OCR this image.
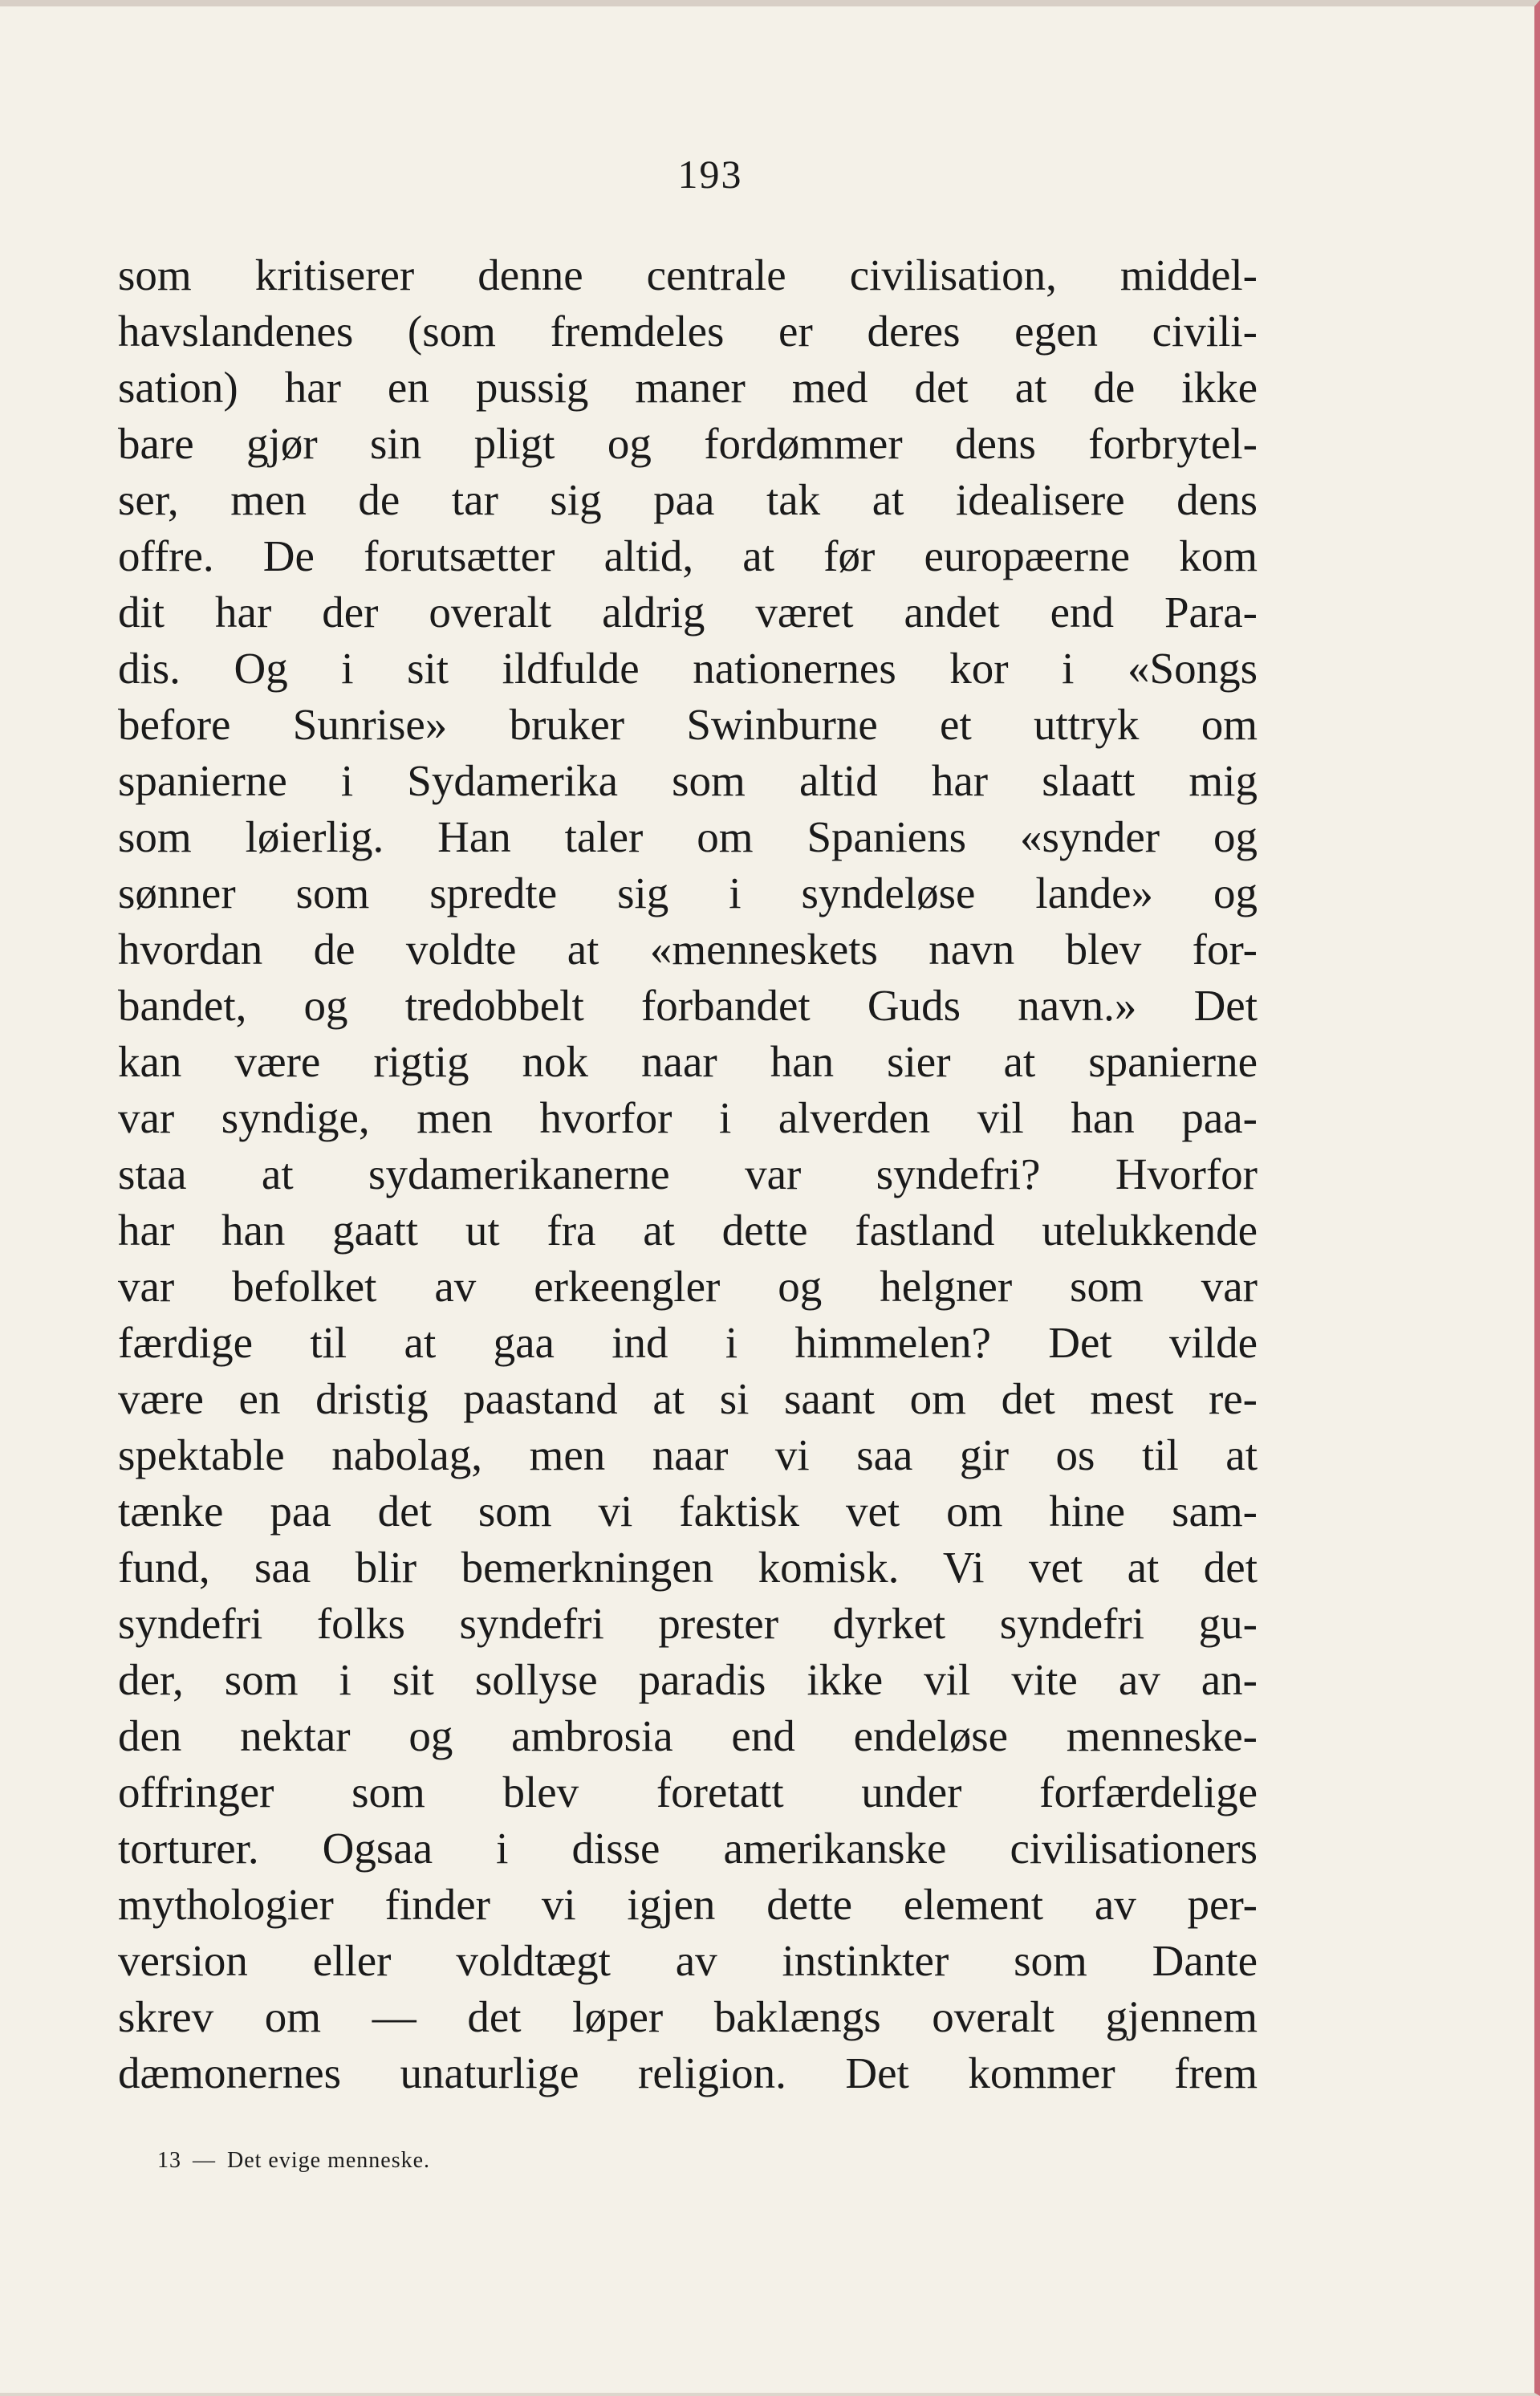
193
som kritiserer denne centrale civilisation, middel-
havslandenes (som fremdeles er deres egen civili-
sation) har en pussig maner med det at de ikke
bare gjør sin pligt og fordømmer dens forbrytel-
ser, men de tar sig paa tak at idealisere dens
offre. De forutsætter altid, at før europæerne kom
dit har der overalt aldrig været andet end Para-
dis. Og i sit ildfulde nationernes kor i «Songs
before Sunrise» bruker Swinburne et uttryk om
spanierne i Sydamerika som altid har slaatt mig
som løierlig. Han taler om Spaniens «synder og
sønner som spredte sig i syndeløse lande» og
hvordan de voldte at «menneskets navn blev for-
bandet, og tredobbelt forbandet Guds navn.» Det
kan være rigtig nok naar han sier at spanierne
var syndige, men hvorfor i alverden vil han paa-
staa at sydamerikanerne var syndefri? Hvorfor
har han gaatt ut fra at dette fastland utelukkende
var befolket av erkeengler og helgner som var
færdige til at gaa ind i himmelen? Det vilde
være en dristig paastand at si saant om det mest re-
spektable nabolag, men naar vi saa gir os til at
tænke paa det som vi faktisk vet om hine sam-
fund, saa blir bemerkningen komisk. Vi vet at det
syndefri folks syndefri prester dyrket syndefri gu-
der, som i sit sollyse paradis ikke vil vite av an-
den nektar og ambrosia end endeløse menneske-
offringer som blev foretatt under forfærdelige
torturer. Ogsaa i disse amerikanske civilisationers
mythologier finder vi igjen dette element av per-
version eller voldtægt av instinkter som Dante
skrev om — det løper baklængs overalt gjennem
dæmonernes unaturlige religion. Det kommer frem
13 — Det evige menneske.
